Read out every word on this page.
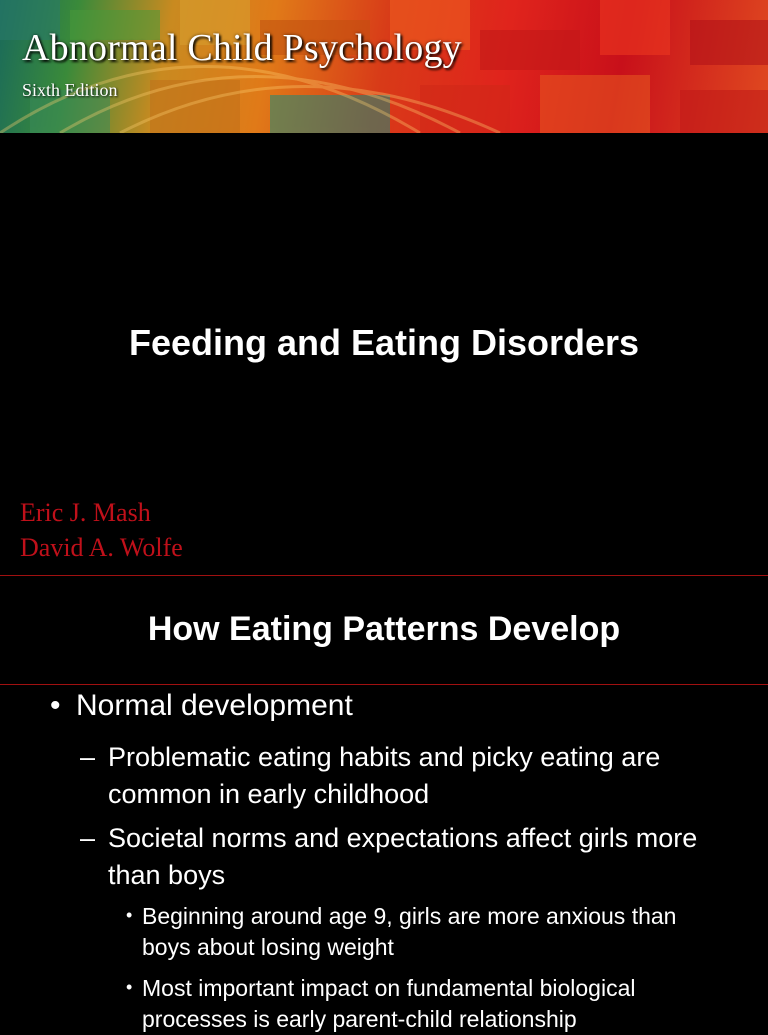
Abnormal Child Psychology
Sixth Edition
Feeding and Eating Disorders
Eric J. Mash
David A. Wolfe
How Eating Patterns Develop
• Normal development
– Problematic eating habits and picky eating are common in early childhood
– Societal norms and expectations affect girls more than boys
• Beginning around age 9, girls are more anxious than boys about losing weight
• Most important impact on fundamental biological processes is early parent-child relationship
